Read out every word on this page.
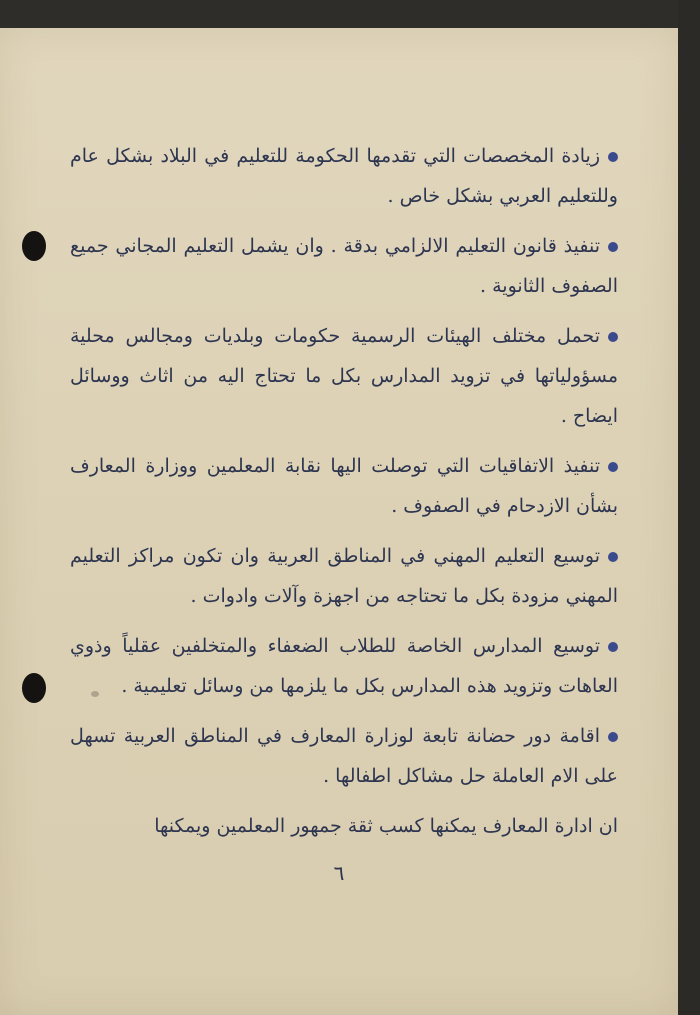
زيادة المخصصات التي تقدمها الحكومة للتعليم في البلاد بشكل عام وللتعليم العربي بشكل خاص .

تنفيذ قانون التعليم الالزامي بدقة . وان يشمل التعليم المجاني جميع الصفوف الثانوية .

تحمل مختلف الهيئات الرسمية حكومات وبلديات ومجالس محلية مسؤولياتها في تزويد المدارس بكل ما تحتاج اليه من اثاث ووسائل ايضاح .

تنفيذ الاتفاقيات التي توصلت اليها نقابة المعلمين ووزارة المعارف بشأن الازدحام في الصفوف .

توسيع التعليم المهني في المناطق العربية وان تكون مراكز التعليم المهني مزودة بكل ما تحتاجه من اجهزة وآلات وادوات .

توسيع المدارس الخاصة للطلاب الضعفاء والمتخلفين عقلياً وذوي العاهات وتزويد هذه المدارس بكل ما يلزمها من وسائل تعليمية .

اقامة دور حضانة تابعة لوزارة المعارف في المناطق العربية تسهل على الام العاملة حل مشاكل اطفالها .

ان ادارة المعارف يمكنها كسب ثقة جمهور المعلمين ويمكنها

٦
